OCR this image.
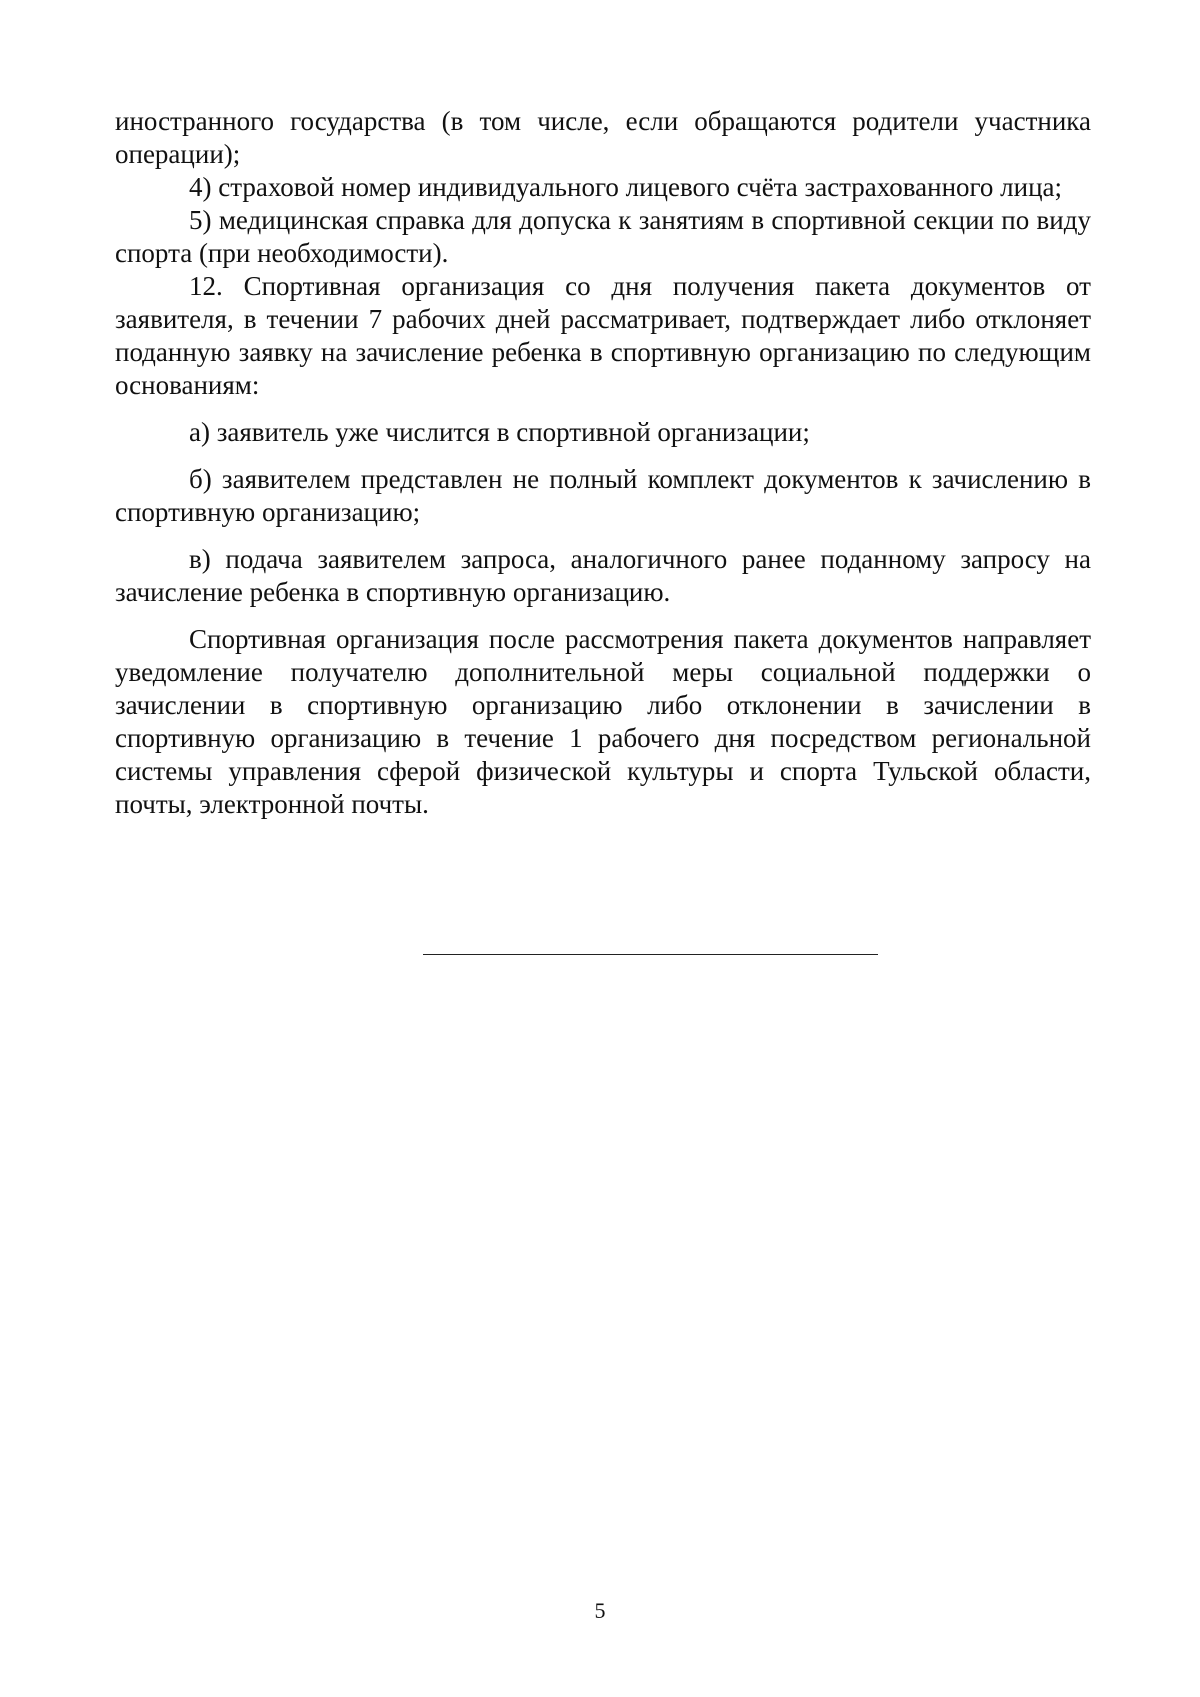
иностранного государства (в том числе, если обращаются родители участника операции);

4) страховой номер индивидуального лицевого счёта застрахованного лица;

5) медицинская справка для допуска к занятиям в спортивной секции по виду спорта (при необходимости).

12. Спортивная организация со дня получения пакета документов от заявителя, в течении 7 рабочих дней рассматривает, подтверждает либо отклоняет поданную заявку на зачисление ребенка в спортивную организацию по следующим основаниям:

а) заявитель уже числится в спортивной организации;

б) заявителем представлен не полный комплект документов к зачислению в спортивную организацию;

в) подача заявителем запроса, аналогичного ранее поданному запросу на зачисление ребенка в спортивную организацию.

Спортивная организация после рассмотрения пакета документов направляет уведомление получателю дополнительной меры социальной поддержки о зачислении в спортивную организацию либо отклонении в зачислении в спортивную организацию в течение 1 рабочего дня посредством региональной системы управления сферой физической культуры и спорта Тульской области, почты, электронной почты.

5
